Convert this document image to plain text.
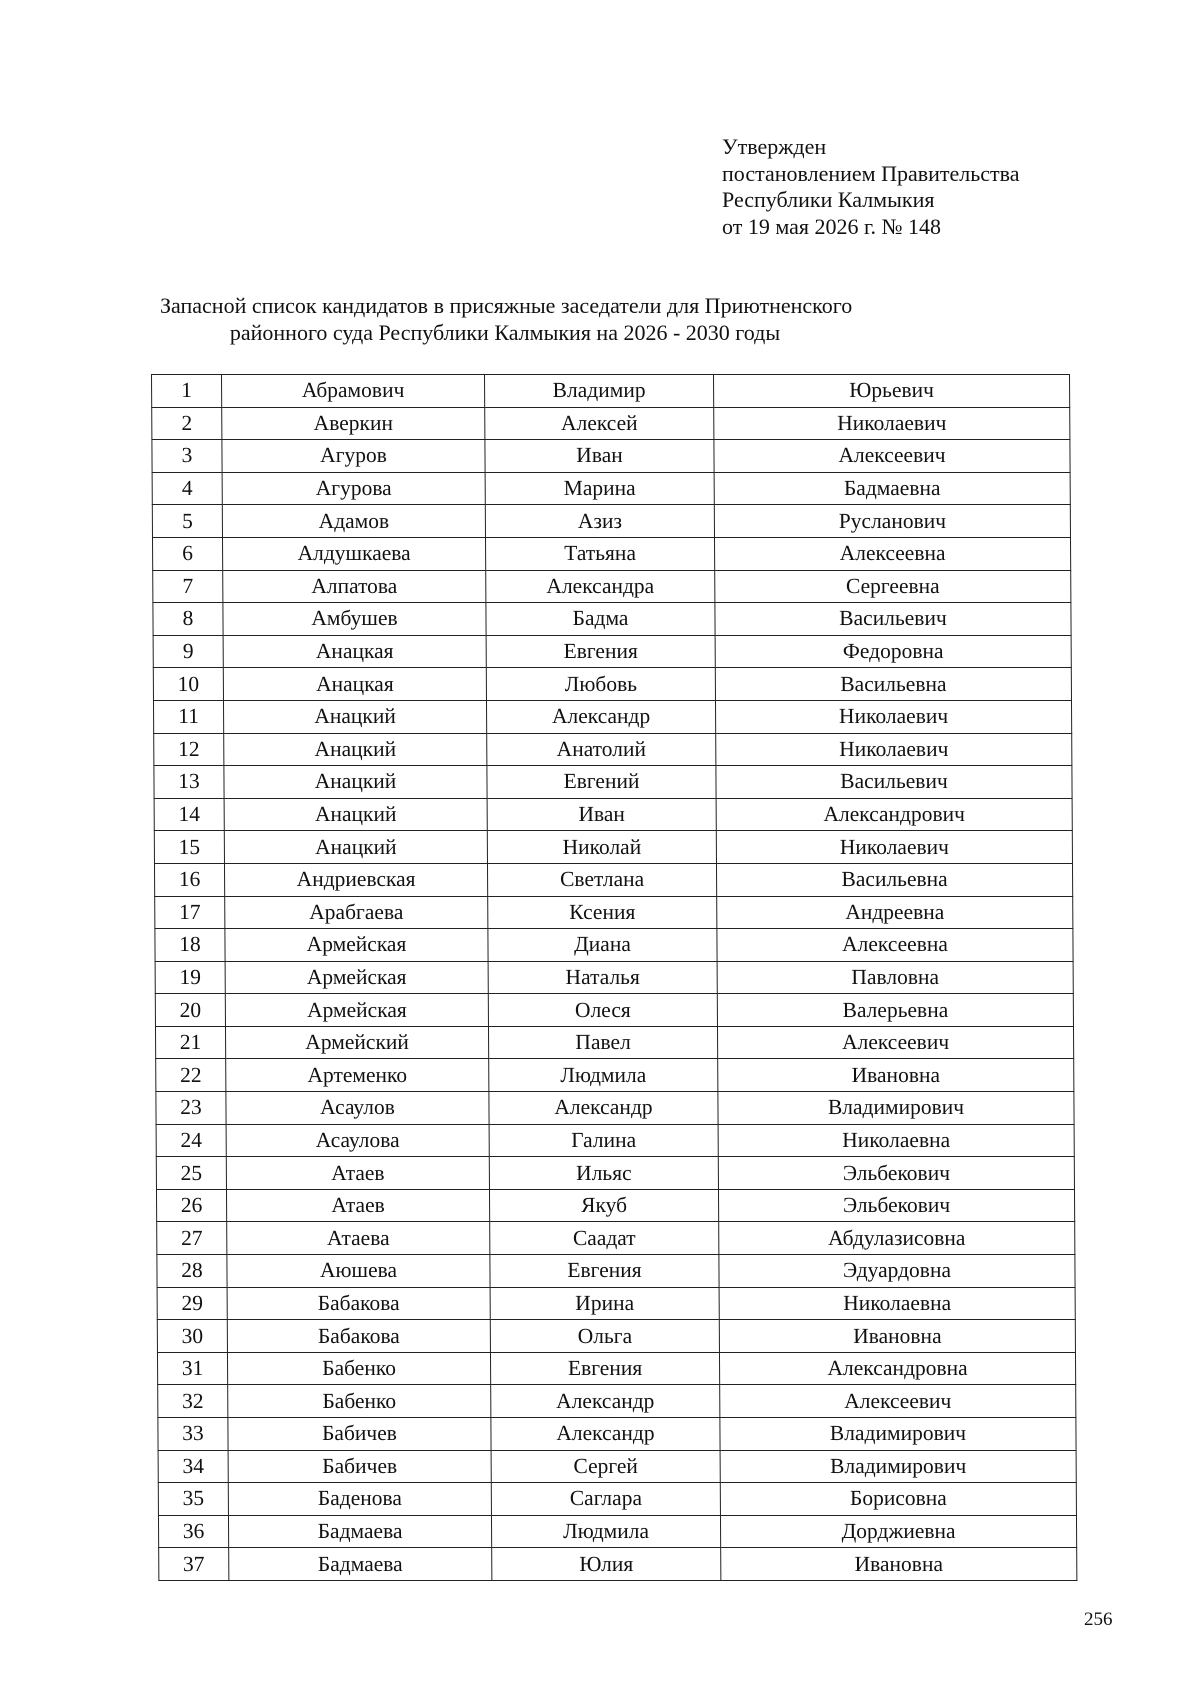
Утвержден
постановлением Правительства
Республики Калмыкия
от 19 мая 2026 г. № 148
Запасной список кандидатов в присяжные заседатели для Приютненского
районного суда Республики Калмыкия на 2026 - 2030 годы
1	Абрамович	Владимир	Юрьевич
2	Аверкин	Алексей	Николаевич
3	Агуров	Иван	Алексеевич
4	Агурова	Марина	Бадмаевна
5	Адамов	Азиз	Русланович
6	Алдушкаева	Татьяна	Алексеевна
7	Алпатова	Александра	Сергеевна
8	Амбушев	Бадма	Васильевич
9	Анацкая	Евгения	Федоровна
10	Анацкая	Любовь	Васильевна
11	Анацкий	Александр	Николаевич
12	Анацкий	Анатолий	Николаевич
13	Анацкий	Евгений	Васильевич
14	Анацкий	Иван	Александрович
15	Анацкий	Николай	Николаевич
16	Андриевская	Светлана	Васильевна
17	Арабгаева	Ксения	Андреевна
18	Армейская	Диана	Алексеевна
19	Армейская	Наталья	Павловна
20	Армейская	Олеся	Валерьевна
21	Армейский	Павел	Алексеевич
22	Артеменко	Людмила	Ивановна
23	Асаулов	Александр	Владимирович
24	Асаулова	Галина	Николаевна
25	Атаев	Ильяс	Эльбекович
26	Атаев	Якуб	Эльбекович
27	Атаева	Саадат	Абдулазисовна
28	Аюшева	Евгения	Эдуардовна
29	Бабакова	Ирина	Николаевна
30	Бабакова	Ольга	Ивановна
31	Бабенко	Евгения	Александровна
32	Бабенко	Александр	Алексеевич
33	Бабичев	Александр	Владимирович
34	Бабичев	Сергей	Владимирович
35	Баденова	Саглара	Борисовна
36	Бадмаева	Людмила	Дорджиевна
37	Бадмаева	Юлия	Ивановна
256
